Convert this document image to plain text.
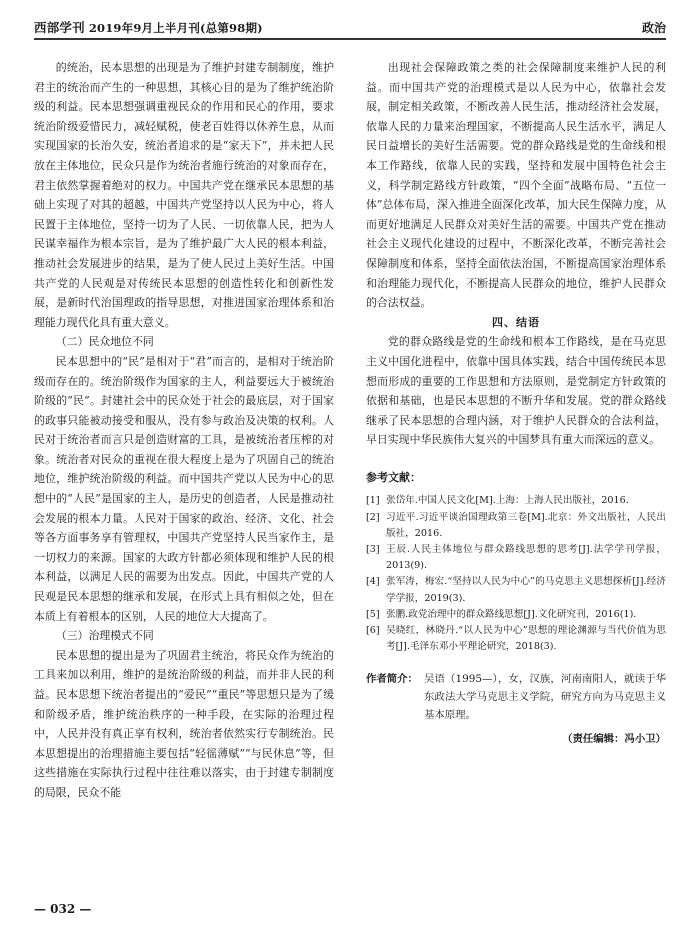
西部学刊 2019年9月上半月刊(总第98期)	政治

的统治，民本思想的出现是为了维护封建专制制度，维护君主的统治而产生的一种思想，其核心目的是为了维护统治阶级的利益。民本思想强调重视民众的作用和民心的作用，要求统治阶级爱惜民力，减轻赋税，使老百姓得以休养生息，从而实现国家的长治久安，统治者追求的是“家天下”，并未把人民放在主体地位，民众只是作为统治者施行统治的对象而存在，君主依然掌握着绝对的权力。中国共产党在继承民本思想的基础上实现了对其的超越，中国共产党坚持以人民为中心，将人民置于主体地位，坚持一切为了人民、一切依靠人民，把为人民谋幸福作为根本宗旨，是为了维护最广大人民的根本利益，推动社会发展进步的结果，是为了使人民过上美好生活。中国共产党的人民观是对传统民本思想的创造性转化和创新性发展，是新时代治国理政的指导思想，对推进国家治理体系和治理能力现代化具有重大意义。

（二）民众地位不同

民本思想中的“民”是相对于“君”而言的，是相对于统治阶级而存在的。统治阶级作为国家的主人，利益要远大于被统治阶级的“民”。封建社会中的民众处于社会的最底层，对于国家的政事只能被动接受和服从，没有参与政治及决策的权利。人民对于统治者而言只是创造财富的工具，是被统治者压榨的对象。统治者对民众的重视在很大程度上是为了巩固自己的统治地位，维护统治阶级的利益。而中国共产党以人民为中心的思想中的“人民”是国家的主人，是历史的创造者，人民是推动社会发展的根本力量。人民对于国家的政治、经济、文化、社会等各方面事务享有管理权，中国共产党坚持人民当家作主，是一切权力的来源。国家的大政方针都必须体现和维护人民的根本利益，以满足人民的需要为出发点。因此，中国共产党的人民观是民本思想的继承和发展，在形式上具有相似之处，但在本质上有着根本的区别，人民的地位大大提高了。

（三）治理模式不同

民本思想的提出是为了巩固君主统治，将民众作为统治的工具来加以利用，维护的是统治阶级的利益，而并非人民的利益。民本思想下统治者提出的“爱民”“重民”等思想只是为了缓和阶级矛盾，维护统治秩序的一种手段，在实际的治理过程中，人民并没有真正享有权利，统治者依然实行专制统治。民本思想提出的治理措施主要包括“轻徭薄赋”“与民休息”等，但这些措施在实际执行过程中往往难以落实，由于封建专制制度的局限，民众不能

出现社会保障政策之类的社会保障制度来维护人民的利益。而中国共产党的治理模式是以人民为中心，依靠社会发展，制定相关政策，不断改善人民生活，推动经济社会发展，依靠人民的力量来治理国家，不断提高人民生活水平，满足人民日益增长的美好生活需要。党的群众路线是党的生命线和根本工作路线，依靠人民的实践，坚持和发展中国特色社会主义，科学制定路线方针政策，“四个全面”战略布局、“五位一体”总体布局，深入推进全面深化改革，加大民生保障力度，从而更好地满足人民群众对美好生活的需要。中国共产党在推动社会主义现代化建设的过程中，不断深化改革，不断完善社会保障制度和体系，坚持全面依法治国，不断提高国家治理体系和治理能力现代化，不断提高人民群众的地位，维护人民群众的合法权益。

四、结语

党的群众路线是党的生命线和根本工作路线，是在马克思主义中国化进程中，依靠中国具体实践，结合中国传统民本思想而形成的重要的工作思想和方法原则，是党制定方针政策的依据和基础，也是民本思想的不断升华和发展。党的群众路线继承了民本思想的合理内涵，对于维护人民群众的合法利益，早日实现中华民族伟大复兴的中国梦具有重大而深远的意义。

参考文献：
[1] 张岱年.中国人民文化[M].上海：上海人民出版社，2016.
[2] 习近平.习近平谈治国理政第三卷[M].北京：外文出版社，人民出版社，2016.
[3] 王辰.人民主体地位与群众路线思想的思考[J].法学学刊学报，2013(9).
[4] 张军涛，梅宏.“坚持以人民为中心”的马克思主义思想探析[J].经济学学报，2019(3).
[5] 张鹏.政党治理中的群众路线思想[J].文化研究刊，2016(1).
[6] 吴晓红，林晓丹.“以人民为中心”思想的理论渊源与当代价值为思考[J].毛泽东邓小平理论研究，2018(3).
作者简介： 吴语（1995—），女，汉族，河南南阳人，就读于华东政法大学马克思主义学院，研究方向为马克思主义基本原理。
（责任编辑：冯小卫）
— 032 —
